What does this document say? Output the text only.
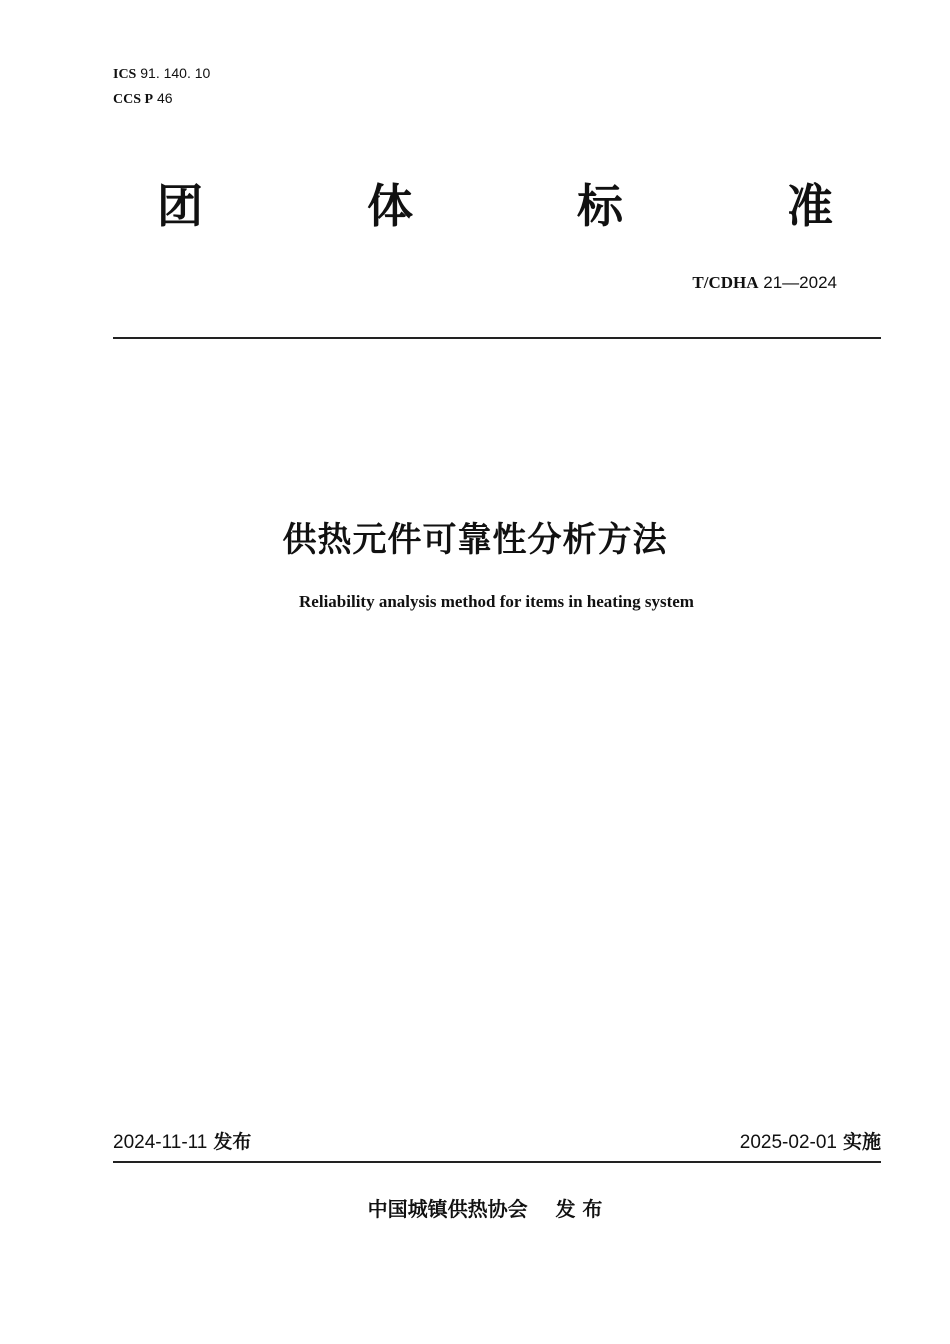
ICS 91. 140. 10
CCS P 46
团	体	标	准
T/CDHA 21—2024
供热元件可靠性分析方法
Reliability analysis method for items in heating system
2024-11-11 发布	2025-02-01 实施
中国城镇供热协会 发 布
